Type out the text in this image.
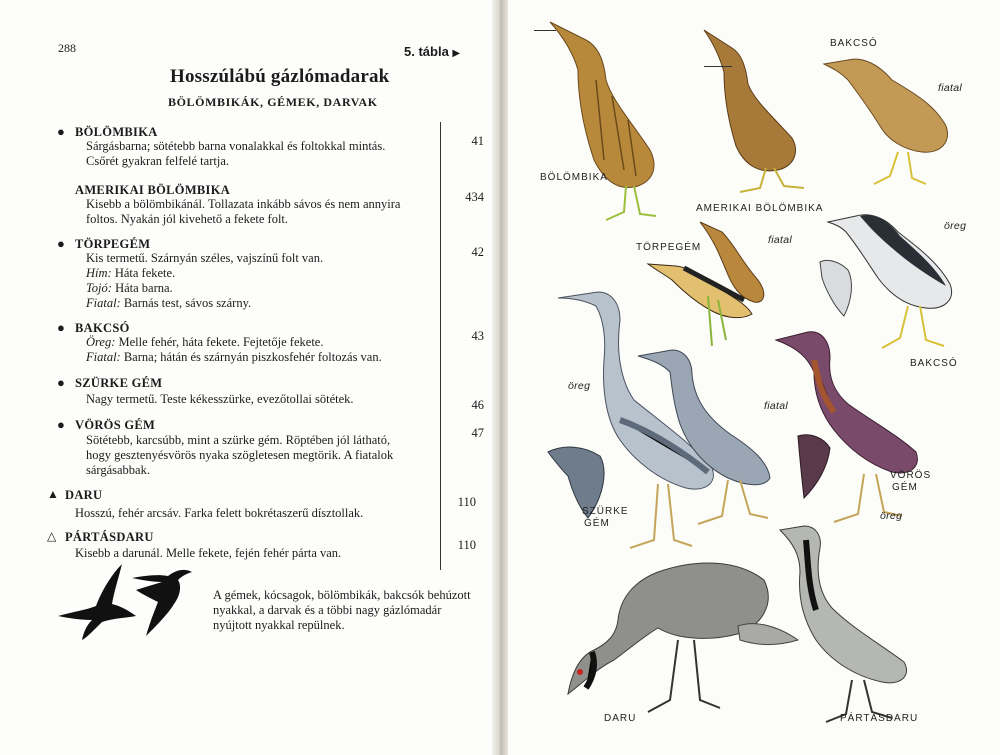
288	5. tábla ▶
Hosszúlábú gázlómadarak
BÖLÖMBIKÁK, GÉMEK, DARVAK
● BÖLÖMBIKA
Sárgásbarna; sötétebb barna vonalakkal és foltokkal mintás.
Csőrét gyakran felfelé tartja.
41
AMERIKAI BÖLÖMBIKA
Kisebb a bölömbikánál. Tollazata inkább sávos és nem annyira
foltos. Nyakán jól kivehető a fekete folt.
434
● TÖRPEGÉM
Kis termetű. Szárnyán széles, vajszínű folt van.
Hím: Háta fekete.
Tojó: Háta barna.
Fiatal: Barnás test, sávos szárny.
42
● BAKCSÓ
Öreg: Melle fehér, háta fekete. Fejtetője fekete.
Fiatal: Barna; hátán és szárnyán piszkosfehér foltozás van.
43
● SZÜRKE GÉM
Nagy termetű. Teste kékesszürke, evezőtollai sötétek.	46
● VÖRÖS GÉM
Sötétebb, karcsúbb, mint a szürke gém. Röptében jól látható,
hogy gesztenyésvörös nyaka szögletesen megtörik. A fiatalok
sárgásabbak.
47
▲ DARU
Hosszú, fehér arcsáv. Farka felett bokrétaszerű dísztollak.
110
△ PÁRTÁSDARU
Kisebb a darunál. Melle fekete, fején fehér párta van.
110
A gémek, kócsagok, bölömbikák, bakcsók behúzott nyakkal, a darvak és a többi nagy gázlómadár nyújtott nyakkal repülnek.
BÖLÖMBIKA
AMERIKAI BÖLÖMBIKA
BAKCSÓ
fiatal
TÖRPEGÉM
fiatal
öreg
BAKCSÓ
öreg
fiatal
SZÜRKE
GÉM
VÖRÖS
GÉM
öreg
DARU	PÁRTÁSDARU
